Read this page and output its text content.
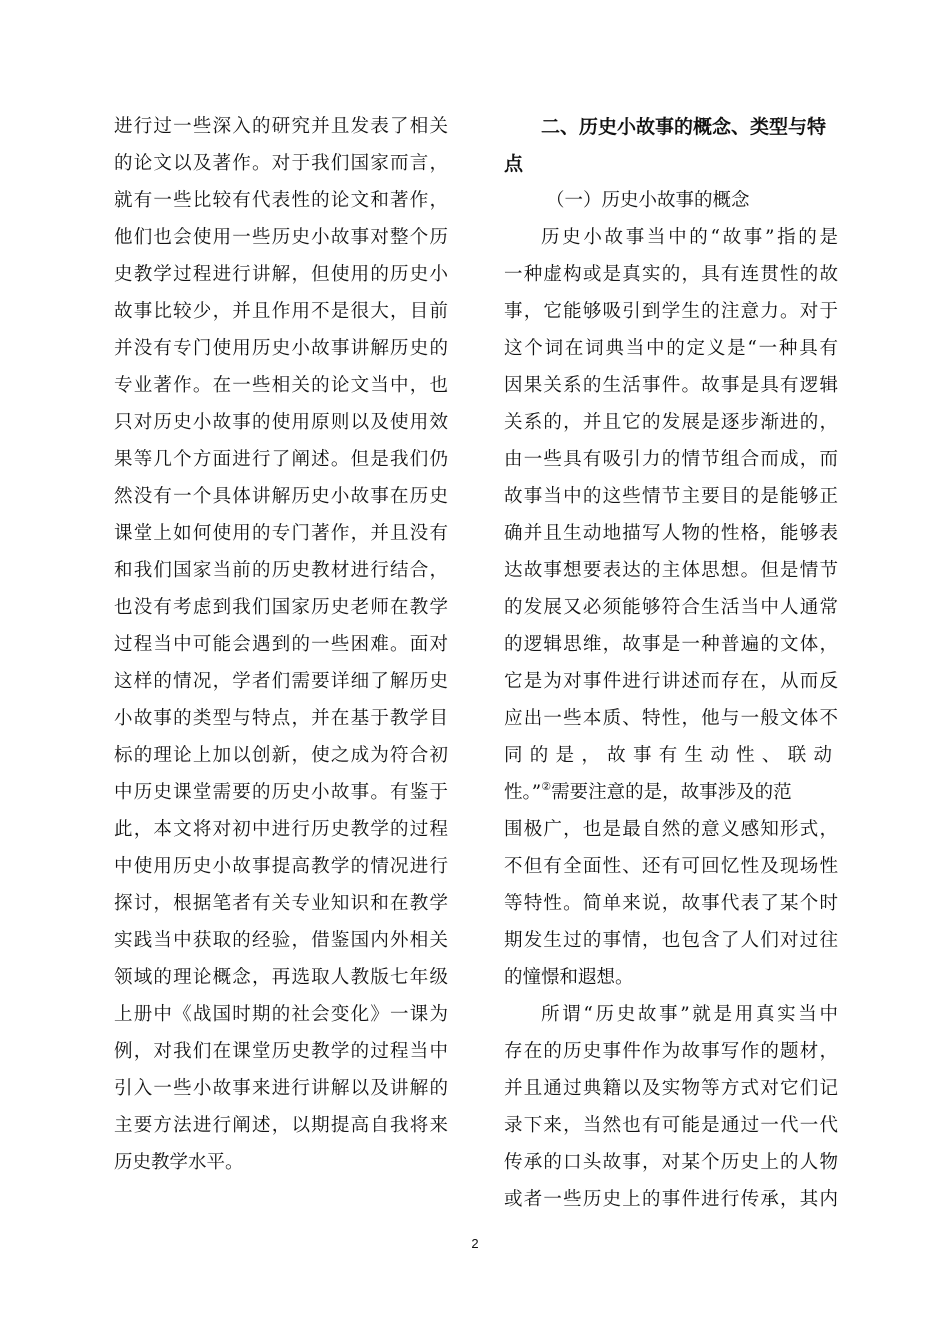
进行过一些深入的研究并且发表了相关
的论文以及著作。对于我们国家而言，
就有一些比较有代表性的论文和著作，
他们也会使用一些历史小故事对整个历
史教学过程进行讲解，但使用的历史小
故事比较少，并且作用不是很大，目前
并没有专门使用历史小故事讲解历史的
专业著作。在一些相关的论文当中，也
只对历史小故事的使用原则以及使用效
果等几个方面进行了阐述。但是我们仍
然没有一个具体讲解历史小故事在历史
课堂上如何使用的专门著作，并且没有
和我们国家当前的历史教材进行结合，
也没有考虑到我们国家历史老师在教学
过程当中可能会遇到的一些困难。面对
这样的情况，学者们需要详细了解历史
小故事的类型与特点，并在基于教学目
标的理论上加以创新，使之成为符合初
中历史课堂需要的历史小故事。有鉴于
此，本文将对初中进行历史教学的过程
中使用历史小故事提高教学的情况进行
探讨，根据笔者有关专业知识和在教学
实践当中获取的经验，借鉴国内外相关
领域的理论概念，再选取人教版七年级
上册中《战国时期的社会变化》一课为
例，对我们在课堂历史教学的过程当中
引入一些小故事来进行讲解以及讲解的
主要方法进行阐述，以期提高自我将来
历史教学水平。
二、历史小故事的概念、类型与特
点
（一）历史小故事的概念
历史小故事当中的“故事”指的是
一种虚构或是真实的，具有连贯性的故
事，它能够吸引到学生的注意力。对于
这个词在词典当中的定义是“一种具有
因果关系的生活事件。故事是具有逻辑
关系的，并且它的发展是逐步渐进的，
由一些具有吸引力的情节组合而成，而
故事当中的这些情节主要目的是能够正
确并且生动地描写人物的性格，能够表
达故事想要表达的主体思想。但是情节
的发展又必须能够符合生活当中人通常
的逻辑思维，故事是一种普遍的文体，
它是为对事件进行讲述而存在，从而反
应出一些本质、特性，他与一般文体不
同的是，故事有生动性、联动
性。”②需要注意的是，故事涉及的范
围极广，也是最自然的意义感知形式，
不但有全面性、还有可回忆性及现场性
等特性。简单来说，故事代表了某个时
期发生过的事情，也包含了人们对过往
的憧憬和遐想。
所谓“历史故事”就是用真实当中
存在的历史事件作为故事写作的题材，
并且通过典籍以及实物等方式对它们记
录下来，当然也有可能是通过一代一代
传承的口头故事，对某个历史上的人物
或者一些历史上的事件进行传承，其内
2
